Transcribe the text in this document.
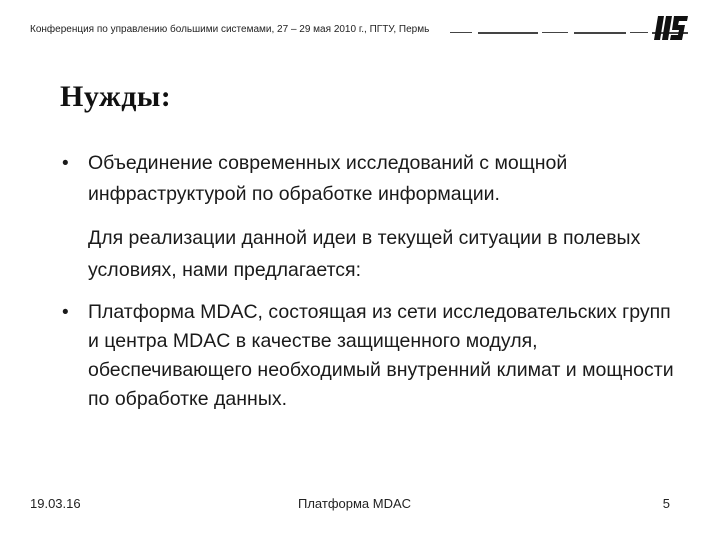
Конференция по управлению большими системами, 27 – 29 мая 2010 г., ПГТУ, Пермь
Нужды:
• Объединение современных исследований с мощной инфраструктурой по обработке информации.
Для реализации данной идеи в текущей ситуации в полевых условиях, нами предлагается:
• Платформа MDAC, состоящая из сети исследовательских групп и центра MDAC в качестве защищенного модуля, обеспечивающего необходимый внутренний климат и мощности по обработке данных.
19.03.16	Платформа MDAC	5
